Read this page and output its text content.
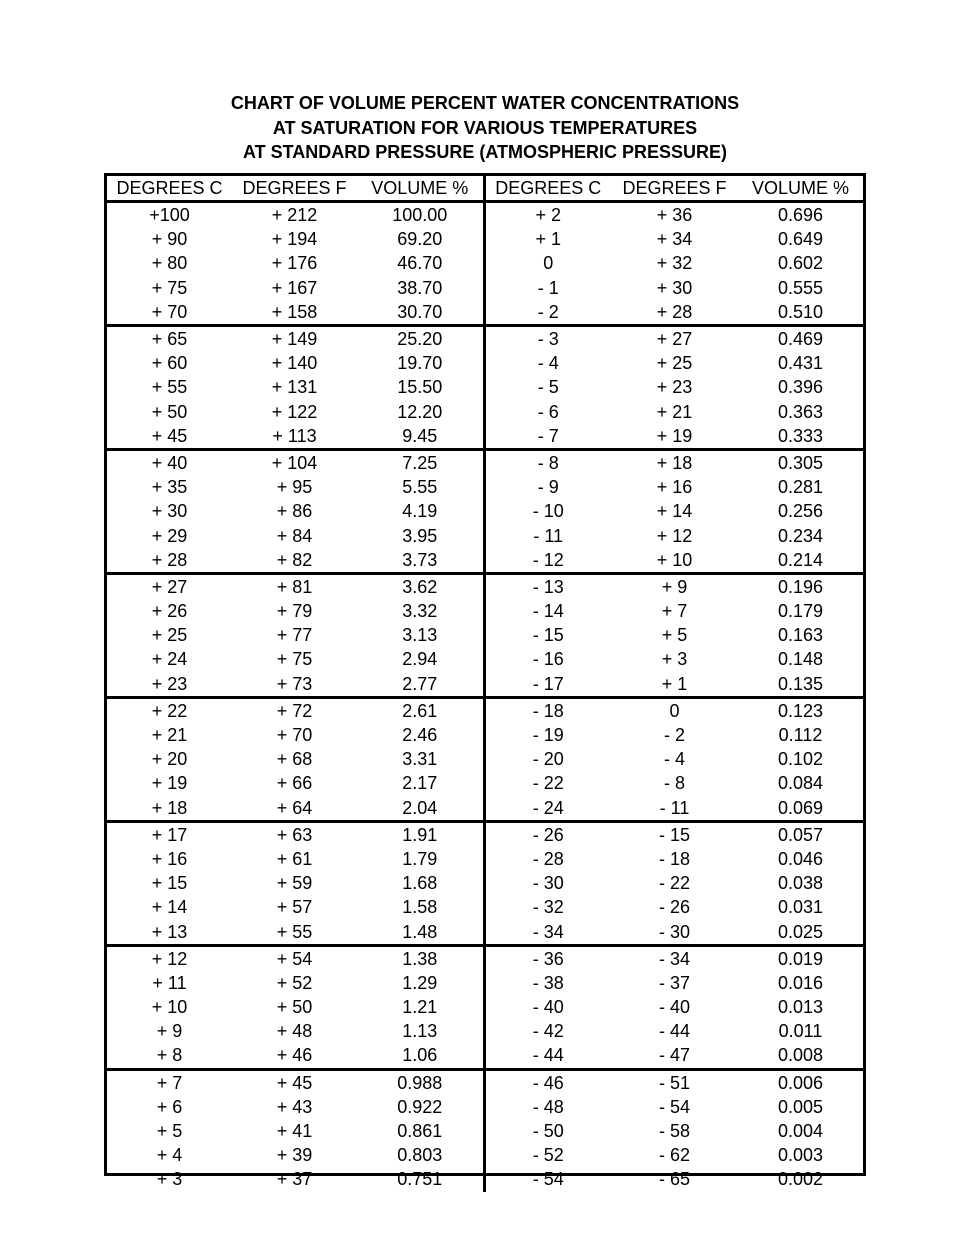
CHART OF VOLUME PERCENT WATER CONCENTRATIONS
AT SATURATION FOR VARIOUS TEMPERATURES
AT STANDARD PRESSURE (ATMOSPHERIC PRESSURE)
DEGREES C	DEGREES F	VOLUME %	DEGREES C	DEGREES F	VOLUME %
+100	+ 212	100.00	+ 2	+ 36	0.696
+ 90	+ 194	69.20	+ 1	+ 34	0.649
+ 80	+ 176	46.70	0	+ 32	0.602
+ 75	+ 167	38.70	- 1	+ 30	0.555
+ 70	+ 158	30.70	- 2	+ 28	0.510
+ 65	+ 149	25.20	- 3	+ 27	0.469
+ 60	+ 140	19.70	- 4	+ 25	0.431
+ 55	+ 131	15.50	- 5	+ 23	0.396
+ 50	+ 122	12.20	- 6	+ 21	0.363
+ 45	+ 113	9.45	- 7	+ 19	0.333
+ 40	+ 104	7.25	- 8	+ 18	0.305
+ 35	+ 95	5.55	- 9	+ 16	0.281
+ 30	+ 86	4.19	- 10	+ 14	0.256
+ 29	+ 84	3.95	- 11	+ 12	0.234
+ 28	+ 82	3.73	- 12	+ 10	0.214
+ 27	+ 81	3.62	- 13	+ 9	0.196
+ 26	+ 79	3.32	- 14	+ 7	0.179
+ 25	+ 77	3.13	- 15	+ 5	0.163
+ 24	+ 75	2.94	- 16	+ 3	0.148
+ 23	+ 73	2.77	- 17	+ 1	0.135
+ 22	+ 72	2.61	- 18	0	0.123
+ 21	+ 70	2.46	- 19	- 2	0.112
+ 20	+ 68	3.31	- 20	- 4	0.102
+ 19	+ 66	2.17	- 22	- 8	0.084
+ 18	+ 64	2.04	- 24	- 11	0.069
+ 17	+ 63	1.91	- 26	- 15	0.057
+ 16	+ 61	1.79	- 28	- 18	0.046
+ 15	+ 59	1.68	- 30	- 22	0.038
+ 14	+ 57	1.58	- 32	- 26	0.031
+ 13	+ 55	1.48	- 34	- 30	0.025
+ 12	+ 54	1.38	- 36	- 34	0.019
+ 11	+ 52	1.29	- 38	- 37	0.016
+ 10	+ 50	1.21	- 40	- 40	0.013
+ 9	+ 48	1.13	- 42	- 44	0.011
+ 8	+ 46	1.06	- 44	- 47	0.008
+ 7	+ 45	0.988	- 46	- 51	0.006
+ 6	+ 43	0.922	- 48	- 54	0.005
+ 5	+ 41	0.861	- 50	- 58	0.004
+ 4	+ 39	0.803	- 52	- 62	0.003
+ 3	+ 37	0.751	- 54	- 65	0.002
